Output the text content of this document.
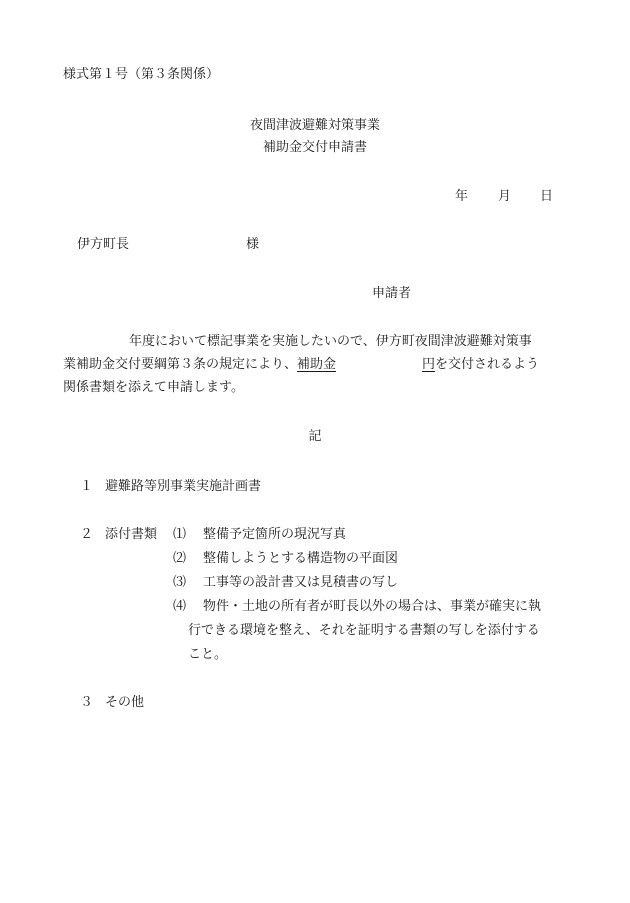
様式第１号（第３条関係）
夜間津波避難対策事業
補助金交付申請書
年 月 日
伊方町長	様
申請者
年度において標記事業を実施したいので、伊方町夜間津波避難対策事
業補助金交付要綱第３条の規定により、補助金	円を交付されるよう
関係書類を添えて申請します。
記
１ 避難路等別事業実施計画書
２ 添付書類 ⑴ 整備予定箇所の現況写真
⑵ 整備しようとする構造物の平面図
⑶ 工事等の設計書又は見積書の写し
⑷ 物件・土地の所有者が町長以外の場合は、事業が確実に執
行できる環境を整え、それを証明する書類の写しを添付する
こと。
３ その他
